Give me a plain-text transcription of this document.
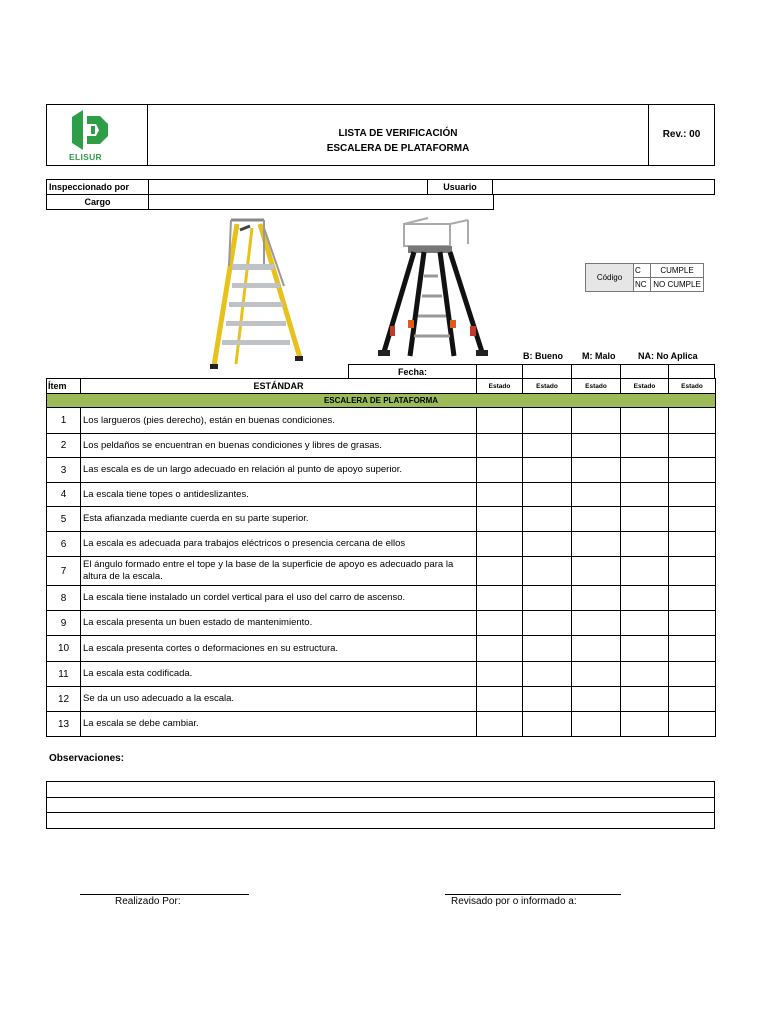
ELISUR
LISTA DE VERIFICACIÓN
ESCALERA DE PLATAFORMA
Rev.: 00
Inspeccionado por		Usuario	
Cargo	
Código	C	CUMPLE
	NC	NO CUMPLE
B: Bueno M: Malo	NA: No Aplica
Fecha:					
Ítem	ESTÁNDAR	Estado	Estado	Estado	Estado	Estado
ESCALERA DE PLATAFORMA						
1	Los largueros (pies derecho), están en buenas condiciones.					
2	Los peldaños se encuentran en buenas condiciones y libres de grasas.					
3	Las escala es de un largo adecuado en relación al punto de apoyo superior.					
4	La escala tiene topes o antideslizantes.					
5	Esta afianzada mediante cuerda en su parte superior.					
6	La escala es adecuada para trabajos eléctricos o presencia cercana de ellos					
7	El ángulo formado entre el tope y la base de la superficie de apoyo es adecuado para la altura de la escala.					
8	La escala tiene instalado un cordel vertical para el uso del carro de ascenso.					
9	La escala presenta un buen estado de mantenimiento.					
10	La escala presenta cortes o deformaciones en su estructura.					
11	La escala esta codificada.					
12	Se da un uso adecuado a la escala.					
13	La escala se debe cambiar.					
Observaciones:

Realizado Por:	Revisado por o informado a:
